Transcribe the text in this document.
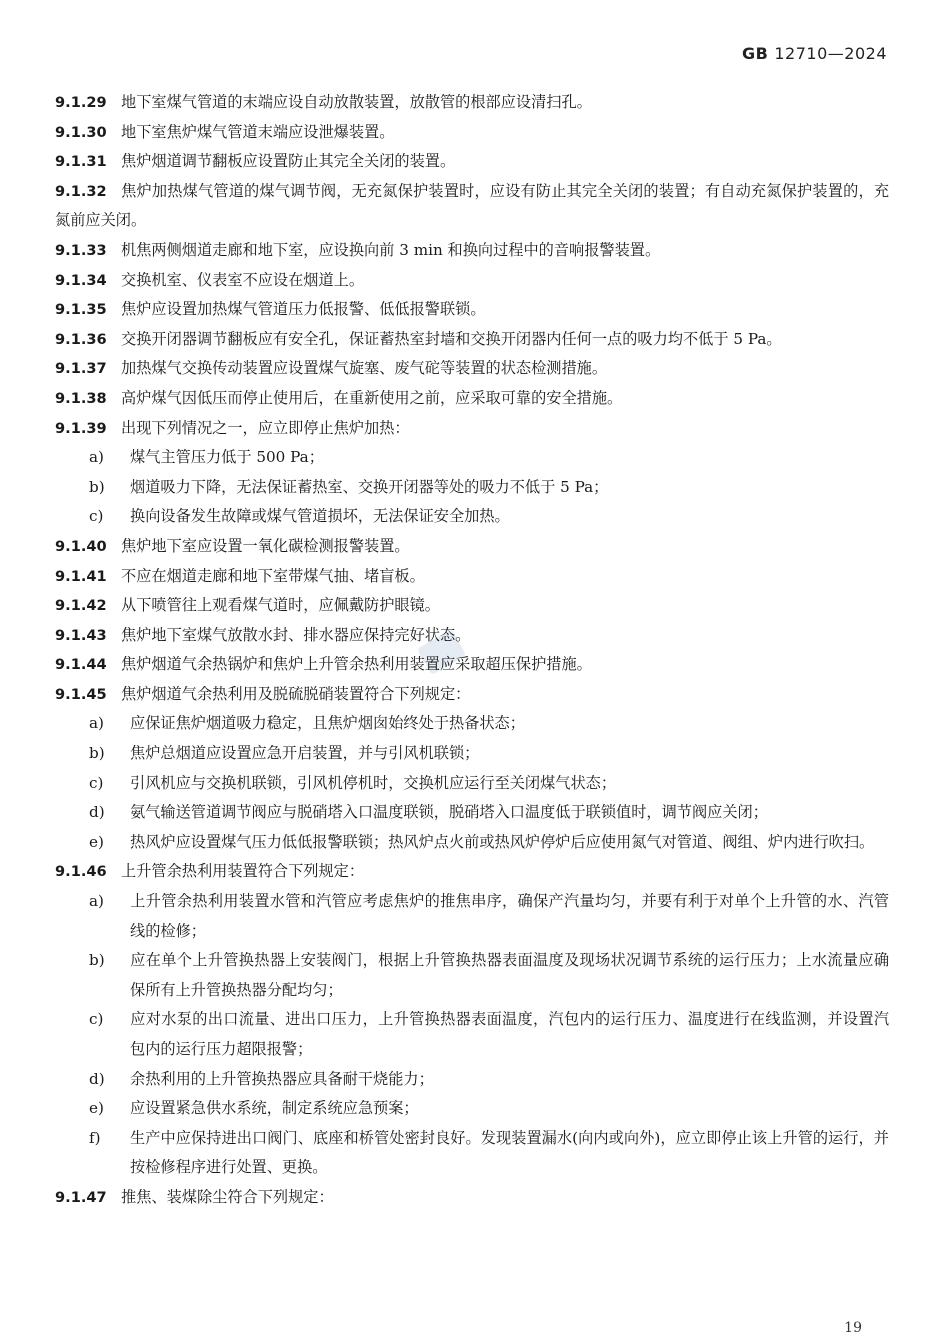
GB 12710—2024

9.1.29 地下室煤气管道的末端应设自动放散装置，放散管的根部应设清扫孔。

9.1.30 地下室焦炉煤气管道末端应设泄爆装置。

9.1.31 焦炉烟道调节翻板应设置防止其完全关闭的装置。

9.1.32 焦炉加热煤气管道的煤气调节阀，无充氮保护装置时，应设有防止其完全关闭的装置；有自动充氮保护装置的，充氮前应关闭。

9.1.33 机焦两侧烟道走廊和地下室，应设换向前 3 min 和换向过程中的音响报警装置。

9.1.34 交换机室、仪表室不应设在烟道上。

9.1.35 焦炉应设置加热煤气管道压力低报警、低低报警联锁。

9.1.36 交换开闭器调节翻板应有安全孔，保证蓄热室封墙和交换开闭器内任何一点的吸力均不低于 5 Pa。

9.1.37 加热煤气交换传动装置应设置煤气旋塞、废气砣等装置的状态检测措施。

9.1.38 高炉煤气因低压而停止使用后，在重新使用之前，应采取可靠的安全措施。

9.1.39 出现下列情况之一，应立即停止焦炉加热：

a) 煤气主管压力低于 500 Pa；

b) 烟道吸力下降，无法保证蓄热室、交换开闭器等处的吸力不低于 5 Pa；

c) 换向设备发生故障或煤气管道损坏，无法保证安全加热。

9.1.40 焦炉地下室应设置一氧化碳检测报警装置。

9.1.41 不应在烟道走廊和地下室带煤气抽、堵盲板。

9.1.42 从下喷管往上观看煤气道时，应佩戴防护眼镜。

9.1.43 焦炉地下室煤气放散水封、排水器应保持完好状态。

9.1.44 焦炉烟道气余热锅炉和焦炉上升管余热利用装置应采取超压保护措施。

9.1.45 焦炉烟道气余热利用及脱硫脱硝装置符合下列规定：

a) 应保证焦炉烟道吸力稳定，且焦炉烟囱始终处于热备状态；

b) 焦炉总烟道应设置应急开启装置，并与引风机联锁；

c) 引风机应与交换机联锁，引风机停机时，交换机应运行至关闭煤气状态；

d) 氨气输送管道调节阀应与脱硝塔入口温度联锁，脱硝塔入口温度低于联锁值时，调节阀应关闭；

e) 热风炉应设置煤气压力低低报警联锁；热风炉点火前或热风炉停炉后应使用氮气对管道、阀组、炉内进行吹扫。

9.1.46 上升管余热利用装置符合下列规定：

a) 上升管余热利用装置水管和汽管应考虑焦炉的推焦串序，确保产汽量均匀，并要有利于对单个上升管的水、汽管线的检修；

b) 应在单个上升管换热器上安装阀门，根据上升管换热器表面温度及现场状况调节系统的运行压力；上水流量应确保所有上升管换热器分配均匀；

c) 应对水泵的出口流量、进出口压力，上升管换热器表面温度，汽包内的运行压力、温度进行在线监测，并设置汽包内的运行压力超限报警；

d) 余热利用的上升管换热器应具备耐干烧能力；

e) 应设置紧急供水系统，制定系统应急预案；

f) 生产中应保持进出口阀门、底座和桥管处密封良好。发现装置漏水(向内或向外)，应立即停止该上升管的运行，并按检修程序进行处置、更换。

9.1.47 推焦、装煤除尘符合下列规定：

19
